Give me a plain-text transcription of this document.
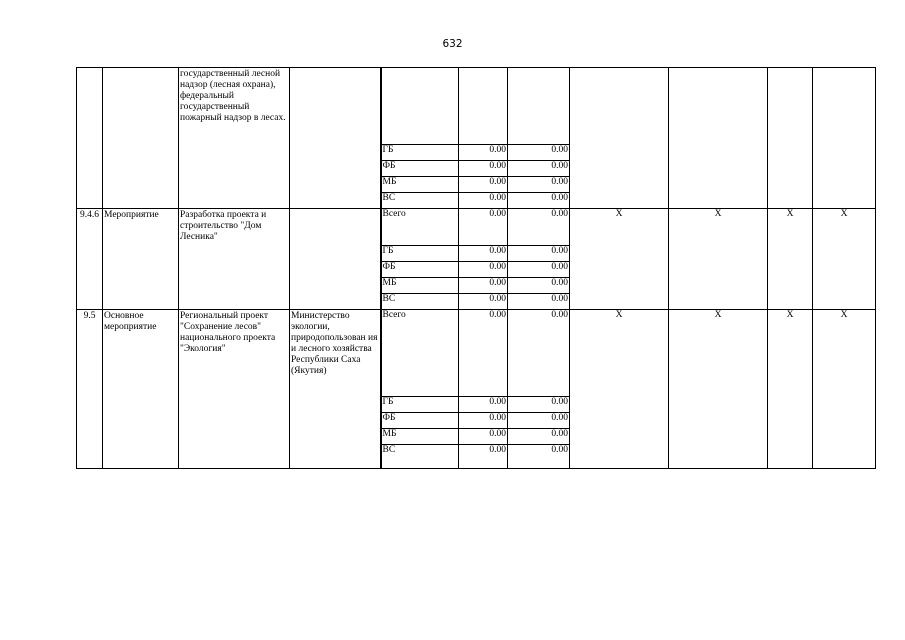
632
		государственный лесной надзор (лесная охрана), федеральный государственный пожарный надзор в лесах.								
				ГБ	0.00	0.00				
				ФБ	0.00	0.00				
				МБ	0.00	0.00				
				ВС	0.00	0.00				
9.4.6	Мероприятие	Разработка проекта и строительство "Дом Лесника"		Всего	0.00	0.00	X	X	X	X
				ГБ	0.00	0.00				
				ФБ	0.00	0.00				
				МБ	0.00	0.00				
				ВС	0.00	0.00				
9.5	Основное мероприятие	Региональный проект "Сохранение лесов" национального проекта "Экология"	Министерство экологии, природопользован ия и лесного хозяйства Республики Саха (Якутия)	Всего	0.00	0.00	X	X	X	X
				ГБ	0.00	0.00				
				ФБ	0.00	0.00				
				МБ	0.00	0.00				
				ВС	0.00	0.00				
